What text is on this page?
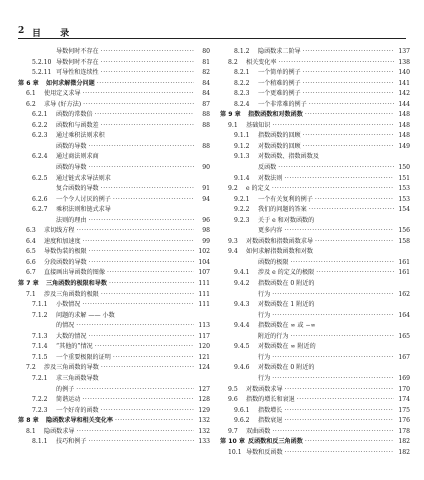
2 目 录
导数何时不存在 ·····	80
5.2.10 导数何时不存在 ·····	81
5.2.11 可导性和连续性 ·····	82
第 6 章	如何求解微分问题 ·····	84
6.1	使用定义求导 ·····	84
6.2	求导 (好方法) ·····	87
6.2.1	函数的常数倍 ·····	88
6.2.2	函数和与函数差 ·····	88
6.2.3	通过乘积法则求积
函数的导数 ·····	88
6.2.4	通过商法则求商
函数的导数 ·····	90
6.2.5	通过链式求导法则求
复合函数的导数 ·····	91
6.2.6	一个令人讨厌的例子 ·····	94
6.2.7	乘积法则和链式求导
法则的理由 ·····	96
6.3	求切线方程 ·····	98
6.4	速度和加速度 ·····	99
6.5	导数伪装的极限 ·····	102
6.6	分段函数的导数 ·····	104
6.7	直接画出导函数的图像 ·····	107
第 7 章	三角函数的极限和导数 ·····	111
7.1	涉及三角函数的极限 ·····	111
7.1.1	小数情况 ·····	111
7.1.2	问题的求解 —— 小数
的情况 ·····	113
7.1.3	大数的情况 ·····	117
7.1.4	“其他的”情况 ·····	120
7.1.5	一个重要极限的证明 ·····	121
7.2	涉及三角函数的导数 ·····	124
7.2.1	求三角函数导数
的例子 ·····	127
7.2.2	简谐运动 ·····	128
7.2.3	一个好奇的函数 ·····	129
第 8 章	隐函数求导和相关变化率 ·····	132
8.1	隐函数求导 ·····	132
8.1.1	技巧和例子 ·····	133
8.1.2	隐函数求二阶导 ·····	137
8.2	相关变化率 ·····	138
8.2.1	一个简单的例子 ·····	140
8.2.2	一个稍难的例子 ·····	141
8.2.3	一个更难的例子 ·····	142
8.2.4	一个非常难的例子 ·····	144
第 9 章	指数函数和对数函数 ·····	148
9.1	基础知识 ·····	148
9.1.1	指数函数的回顾 ·····	148
9.1.2	对数函数的回顾 ·····	149
9.1.3	对数函数、指数函数及
反函数 ·····	150
9.1.4	对数法则 ·····	151
9.2	e 的定义 ·····	153
9.2.1	一个有关复利的例子 ·····	153
9.2.2	我们的问题的答案 ·····	154
9.2.3	关于 e 和对数函数的
更多内容 ·····	156
9.3	对数函数和指数函数求导 ·····	158
9.4	如何求解指数函数和对数
函数的极限 ·····	161
9.4.1	涉及 e 的定义的极限 ·····	161
9.4.2	指数函数在 0 附近的
行为 ·····	162
9.4.3	对数函数在 1 附近的
行为 ·····	164
9.4.4	指数函数在 ∞ 或 −∞
附近的行为 ·····	165
9.4.5	对数函数在 ∞ 附近的
行为 ·····	167
9.4.6	对数函数在 0 附近的
行为 ·····	169
9.5	对数函数求导 ·····	170
9.6	指数的增长和衰退 ·····	174
9.6.1	指数增长 ·····	175
9.6.2	指数衰退 ·····	176
9.7	双曲函数 ·····	178
第 10 章 反函数和反三角函数 ·····	182
10.1 导数和反函数 ·····	182
